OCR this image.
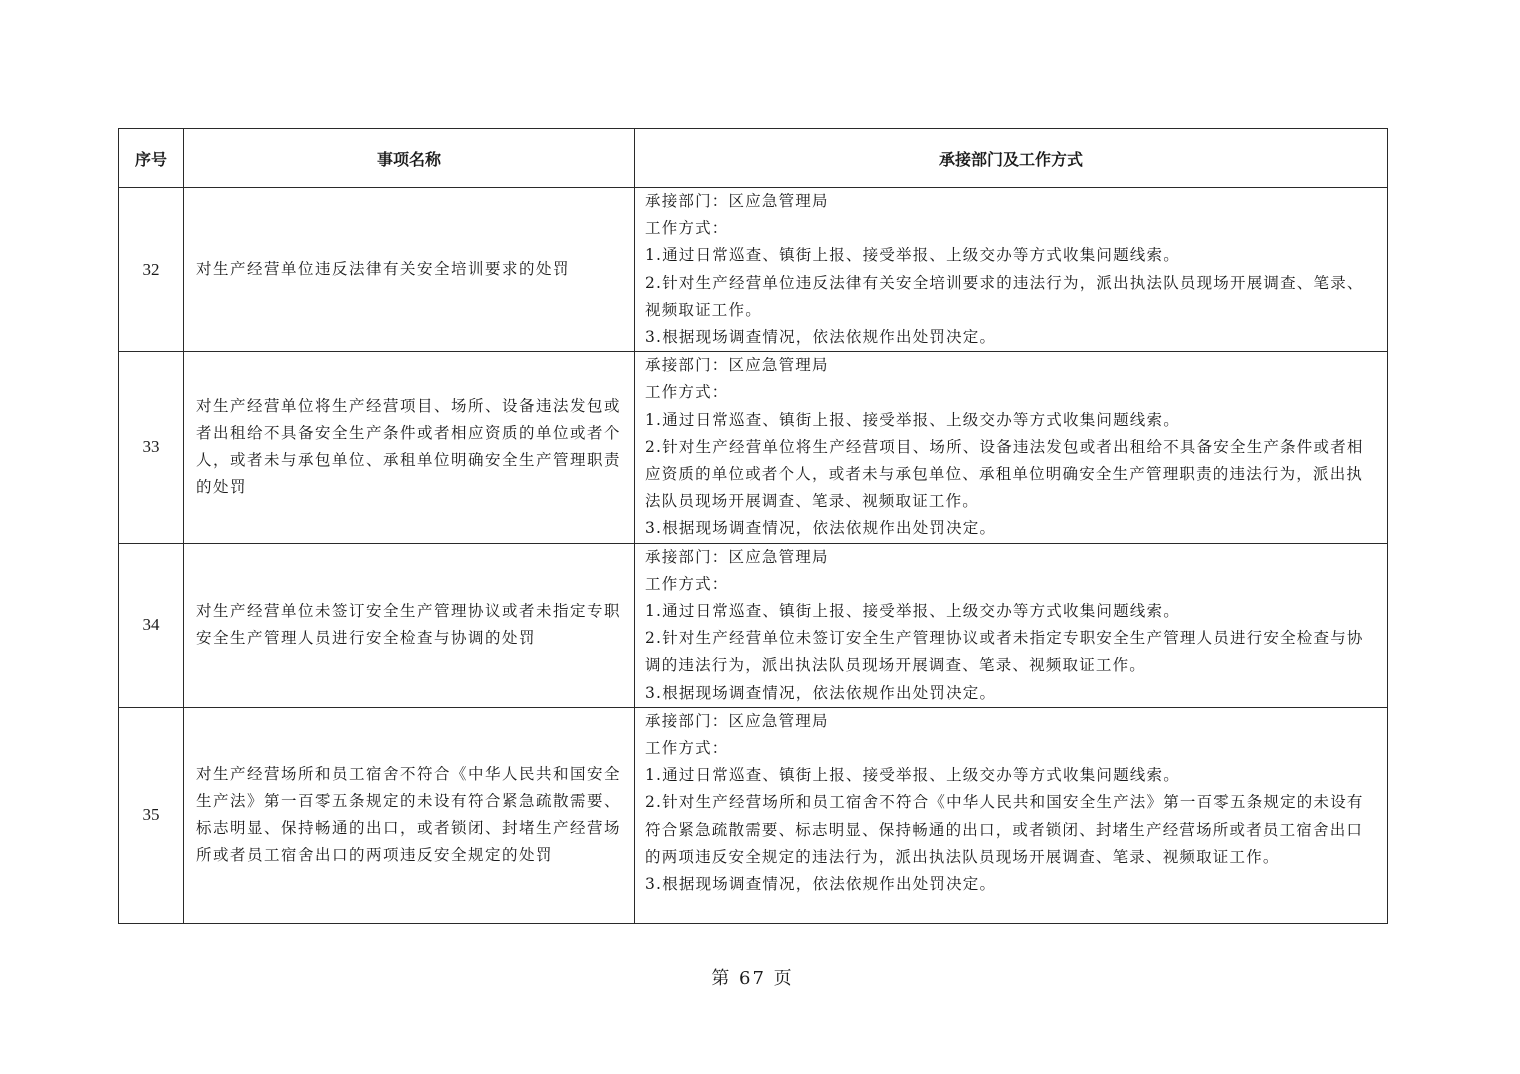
序号	事项名称	承接部门及工作方式
32	对生产经营单位违反法律有关安全培训要求的处罚	承接部门：区应急管理局
工作方式：
1.通过日常巡查、镇街上报、接受举报、上级交办等方式收集问题线索。
2.针对生产经营单位违反法律有关安全培训要求的违法行为，派出执法队员现场开展调查、笔录、视频取证工作。
3.根据现场调查情况，依法依规作出处罚决定。

33	对生产经营单位将生产经营项目、场所、设备违法发包或者出租给不具备安全生产条件或者相应资质的单位或者个人，或者未与承包单位、承租单位明确安全生产管理职责的处罚	承接部门：区应急管理局
工作方式：
1.通过日常巡查、镇街上报、接受举报、上级交办等方式收集问题线索。
2.针对生产经营单位将生产经营项目、场所、设备违法发包或者出租给不具备安全生产条件或者相应资质的单位或者个人，或者未与承包单位、承租单位明确安全生产管理职责的违法行为，派出执法队员现场开展调查、笔录、视频取证工作。
3.根据现场调查情况，依法依规作出处罚决定。

34	对生产经营单位未签订安全生产管理协议或者未指定专职安全生产管理人员进行安全检查与协调的处罚	承接部门：区应急管理局
工作方式：
1.通过日常巡查、镇街上报、接受举报、上级交办等方式收集问题线索。
2.针对生产经营单位未签订安全生产管理协议或者未指定专职安全生产管理人员进行安全检查与协调的违法行为，派出执法队员现场开展调查、笔录、视频取证工作。
3.根据现场调查情况，依法依规作出处罚决定。

35	对生产经营场所和员工宿舍不符合《中华人民共和国安全生产法》第一百零五条规定的未设有符合紧急疏散需要、标志明显、保持畅通的出口，或者锁闭、封堵生产经营场所或者员工宿舍出口的两项违反安全规定的处罚	承接部门：区应急管理局
工作方式：
1.通过日常巡查、镇街上报、接受举报、上级交办等方式收集问题线索。
2.针对生产经营场所和员工宿舍不符合《中华人民共和国安全生产法》第一百零五条规定的未设有符合紧急疏散需要、标志明显、保持畅通的出口，或者锁闭、封堵生产经营场所或者员工宿舍出口的两项违反安全规定的违法行为，派出执法队员现场开展调查、笔录、视频取证工作。
3.根据现场调查情况，依法依规作出处罚决定。
第 67 页
